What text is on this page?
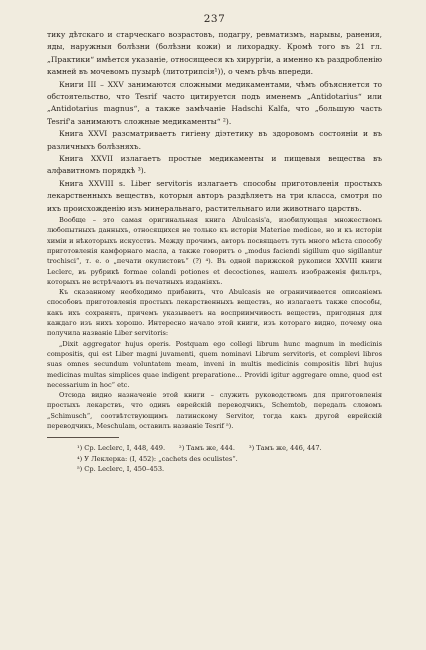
237

тику дѣтскаго и старческаго возрастовъ, подагру, ревматизмъ, нарывы, ранения, яды, наружныя болѣзни (болѣзни кожи) и лихорадку. Кромѣ того въ 21 гл. „Практики“ имѣется указаніе, относящееся къ хирургіи, а именно къ раздробленію камней въ мочевомъ пузырѣ (литотрипсія¹)), о чемъ рѣчь впереди.

Книги III – XXV занимаются сложными медикаментами, чѣмъ объясняется то обстоятельство, что Tesrif часто цитируется подъ именемъ „Antidotarius“ или „Antidotarius magnus“, а также замѣчаніе Hadschi Kalfa, что „большую часть Tesrif'а занимаютъ сложные медикаменты“ ²).

Книга XXVI разсматриваетъ гигіену діэтетику въ здоровомъ состояніи и въ различныхъ болѣзняхъ.

Книга XXVII излагаетъ простые медикаменты и пищевыя вещества въ алфавитномъ порядкѣ ³).

Книга XXVIII s. Liber servitoris излагаетъ способы приготовленія простыхъ лекарственныхъ веществъ, которыя авторъ раздѣляетъ на три класса, смотря по ихъ происхожденію изъ минеральнаго, растительнаго или животнаго царствъ.

Вообще – это самая оригинальная книга Abulcasis'а, изобилующая множествомъ любопытныхъ данныхъ, относящихся не только къ исторіи Materiae medicae, но и къ исторіи химіи и нѣкоторыхъ искусствъ. Между прочимъ, авторъ посвящаетъ туть много мѣста способу приготовленія камфорнаго масла, а также говоритъ о „modus faciendi sigillum quo sigillantur trochisci“, т. е. о „печати окулистовъ“ (?) ⁴). Въ одной парижской рукописи XXVIII книги Leclerc, въ рубрикѣ formae colandi potiones et decoctiones, нашелъ изображенія фильтръ, которыхъ не встрѣчаютъ въ печатныхъ изданіяхъ.

Къ сказанному необходимо прибавить, что Abulcasis не ограничивается описаніемъ способовъ приготовленія простыхъ лекарственныхъ веществъ, но излагаетъ также способы, какъ ихъ сохранять, причемъ указываетъ на восприимчивость веществъ, пригодныя для каждаго изъ нихъ хорошо. Интересно начало этой книги, изъ котораго видно, почему она получила названіе Liber servitoris:

„Dixit aggregator hujus operis. Postquam ego collegi librum hunc magnum in medicinis compositis, qui est Liber magni juvamenti, quem nominavi Librum servitoris, et complevi libros suas omnes secundum voluntatem meam, inveni in multis medicinis compositis libri hujus medicinas multas simplices quae indigent preparatione... Providi igitur aggregare omne, quod est necessarium in hoc“ etc.

Отсюда видно назначеніе этой книги – служить руководствомъ для приготовленія простыхъ лекарствъ, что одинъ еврейскій переводчикъ, Schemtob, передалъ словомъ „Schimusch“, соотвѣтствующимъ латинскому Servitor, тогда какъ другой еврейскій переводчикъ, Meschulam, оставилъ названіе Tesrif ⁵).

¹) Cp. Leclerc, I, 448, 449. ²) Тамъ же, 444. ³) Тамъ же, 446, 447.
⁴) У Леклерка: (I, 452): „cachets des oculistes“.
⁵) Cp. Leclerc, I, 450–453.
